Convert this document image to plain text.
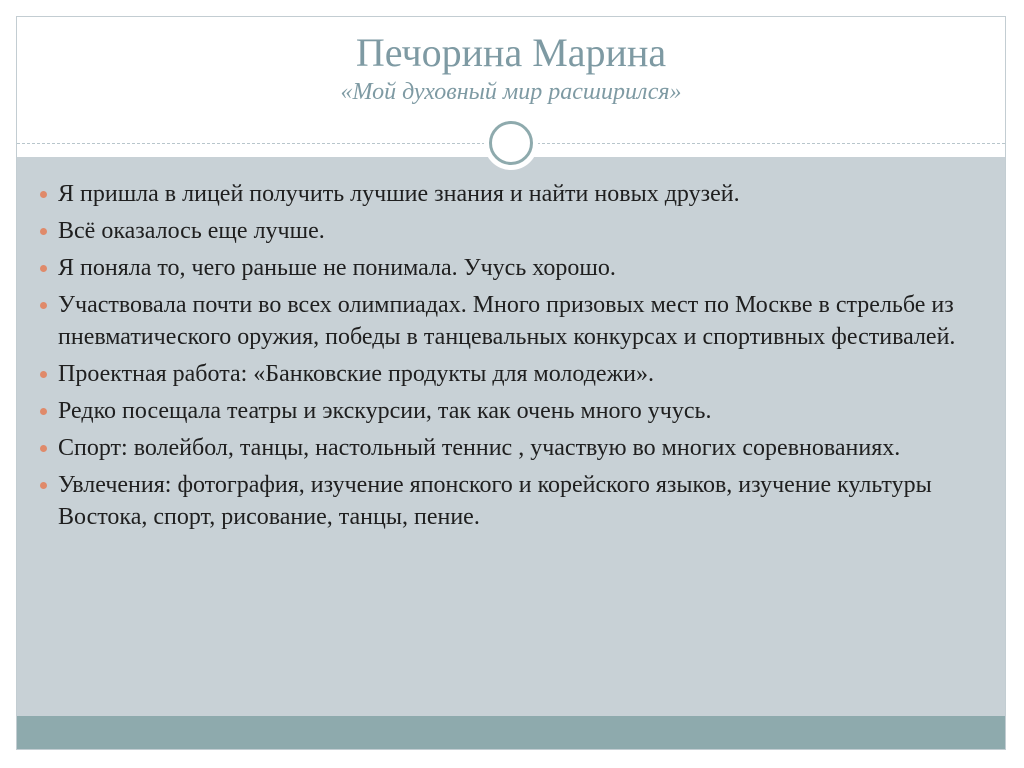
Печорина Марина
«Мой духовный мир расширился»
Я пришла в лицей получить лучшие знания и найти новых друзей.
Всё оказалось еще лучше.
Я поняла то, чего раньше не понимала. Учусь хорошо.
Участвовала почти во всех олимпиадах. Много призовых мест по Москве в стрельбе из пневматического оружия, победы в танцевальных конкурсах и спортивных фестивалей.
Проектная работа: «Банковские продукты для молодежи».
Редко посещала театры и экскурсии, так как очень много учусь.
Спорт: волейбол, танцы, настольный теннис , участвую во многих соревнованиях.
Увлечения: фотография, изучение японского и корейского языков, изучение культуры Востока, спорт, рисование, танцы, пение.
